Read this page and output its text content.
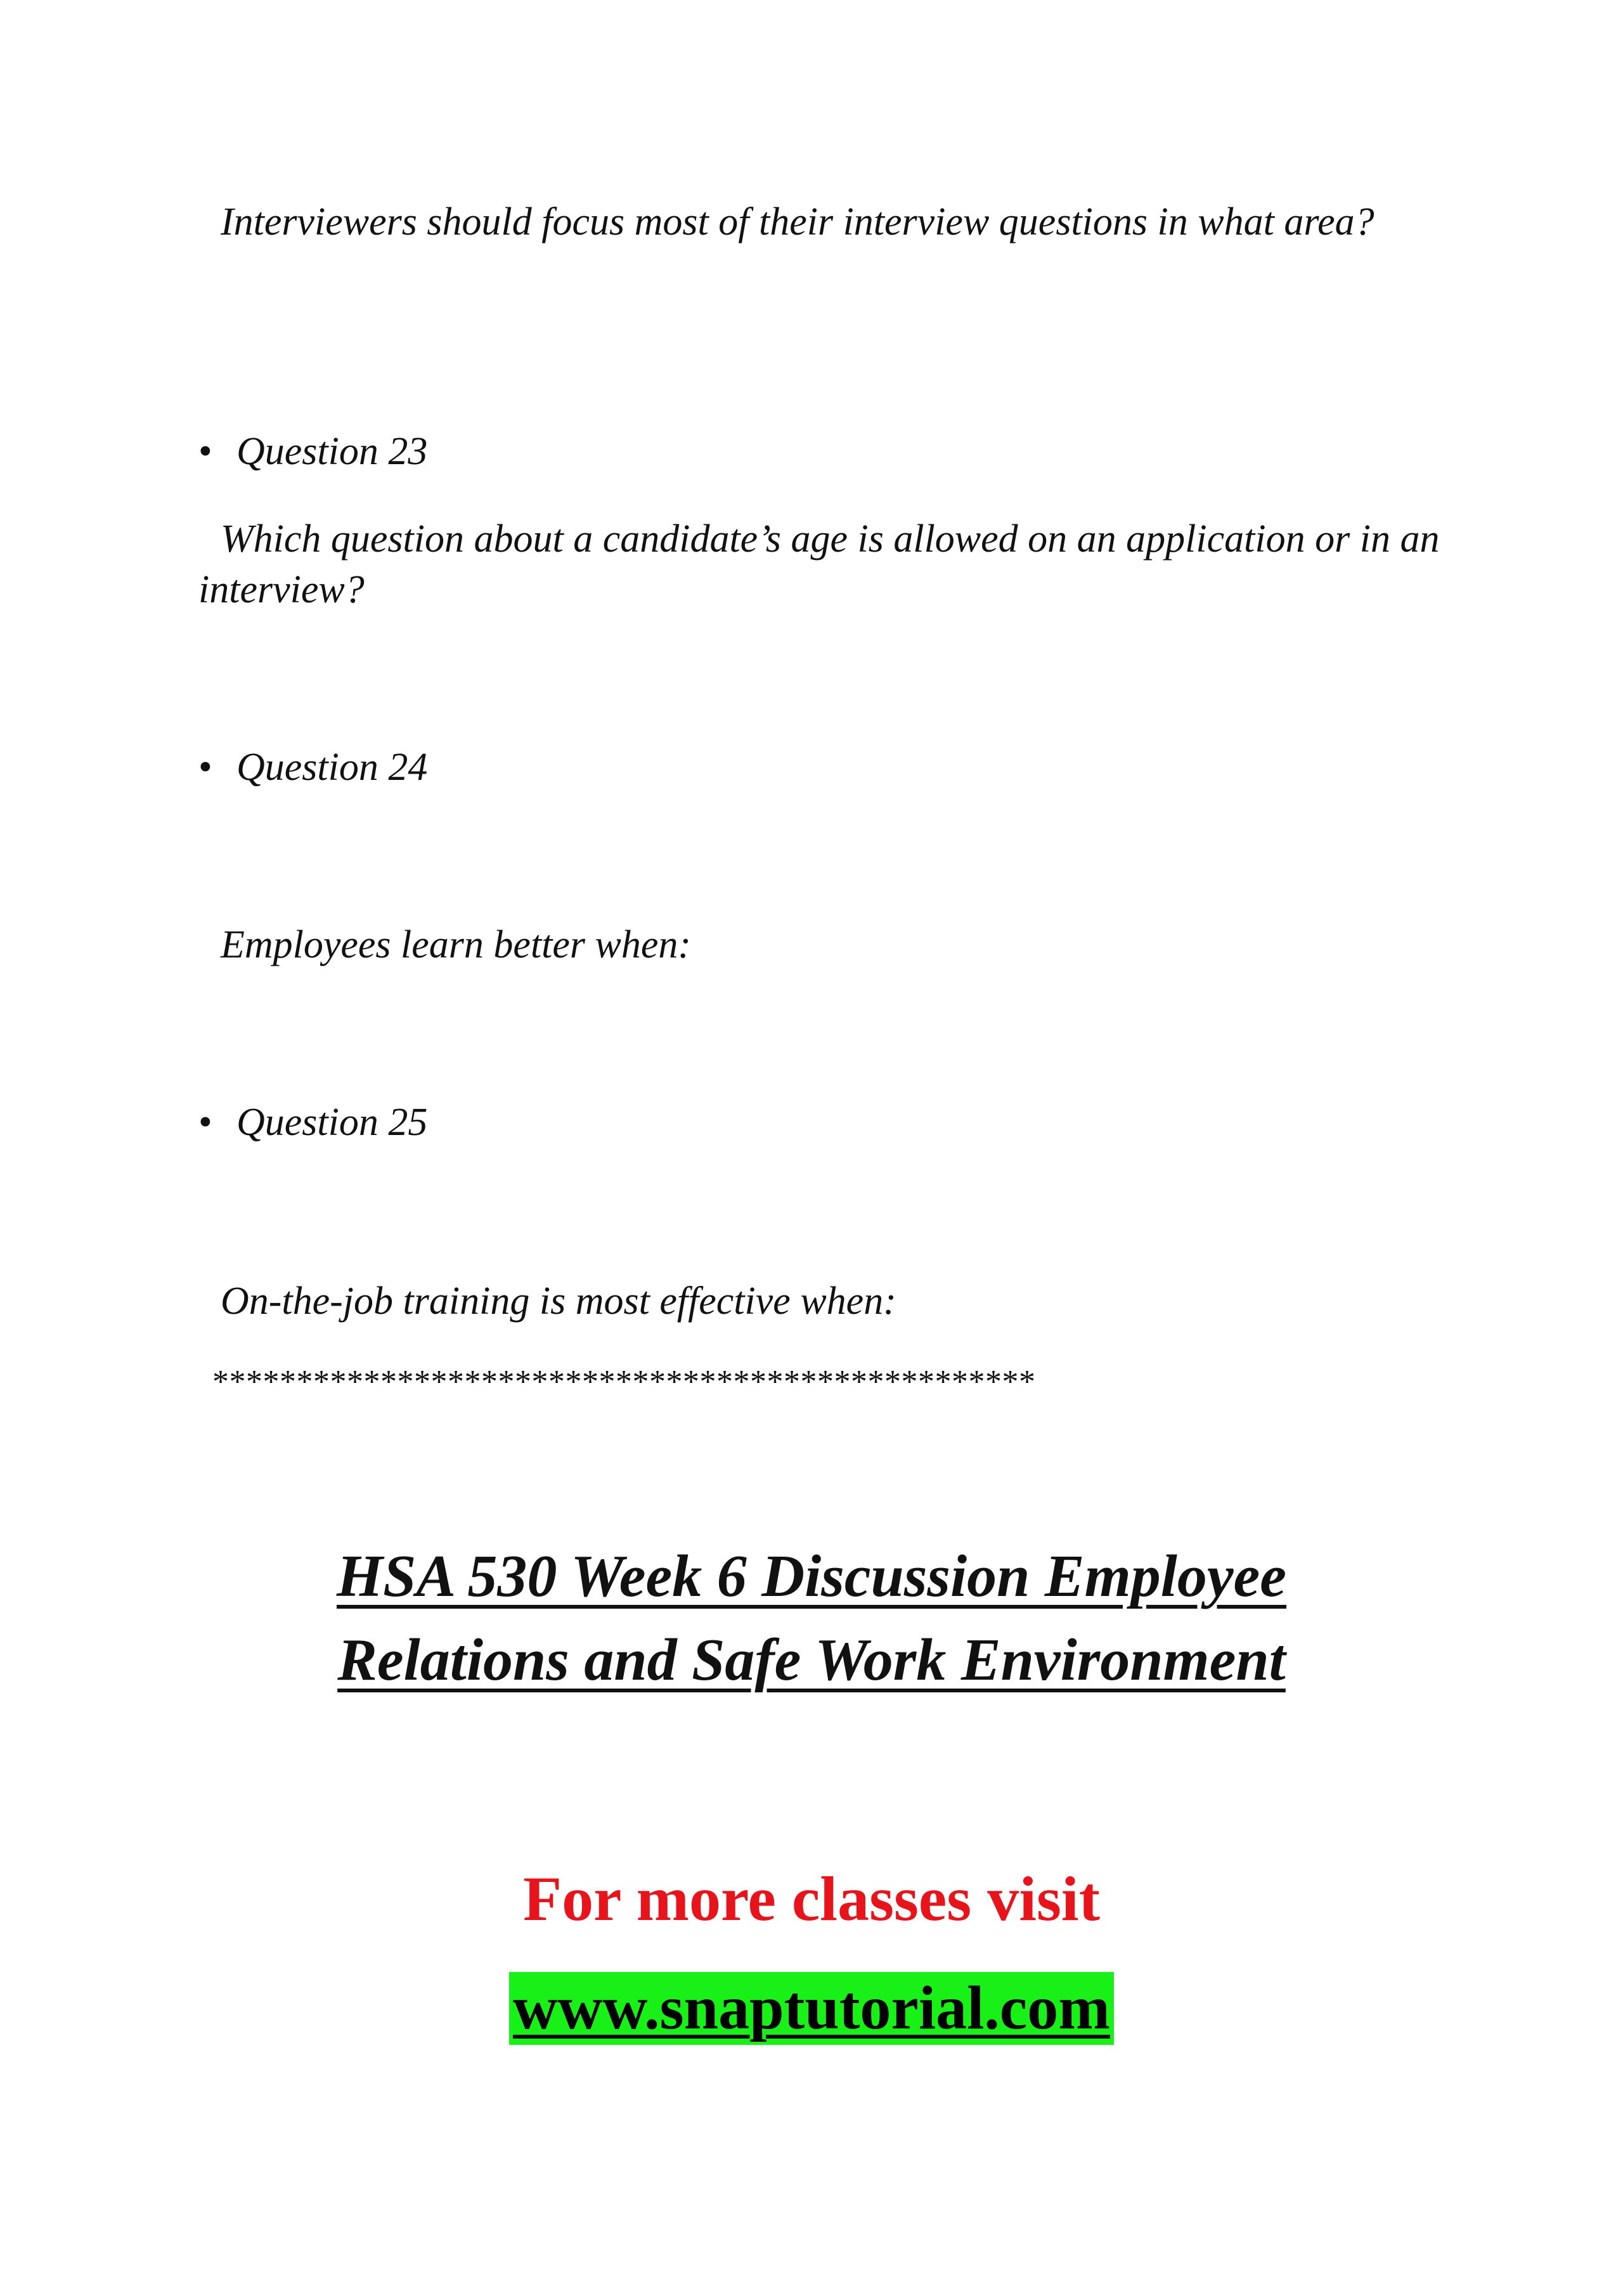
Interviewers should focus most of their interview questions in what area?

• Question 23

Which question about a candidate’s age is allowed on an application or in an interview?

• Question 24

Employees learn better when:

• Question 25

On-the-job training is most effective when:

*************************************************
HSA 530 Week 6 Discussion Employee
Relations and Safe Work Environment
For more classes visit
www.snaptutorial.com
